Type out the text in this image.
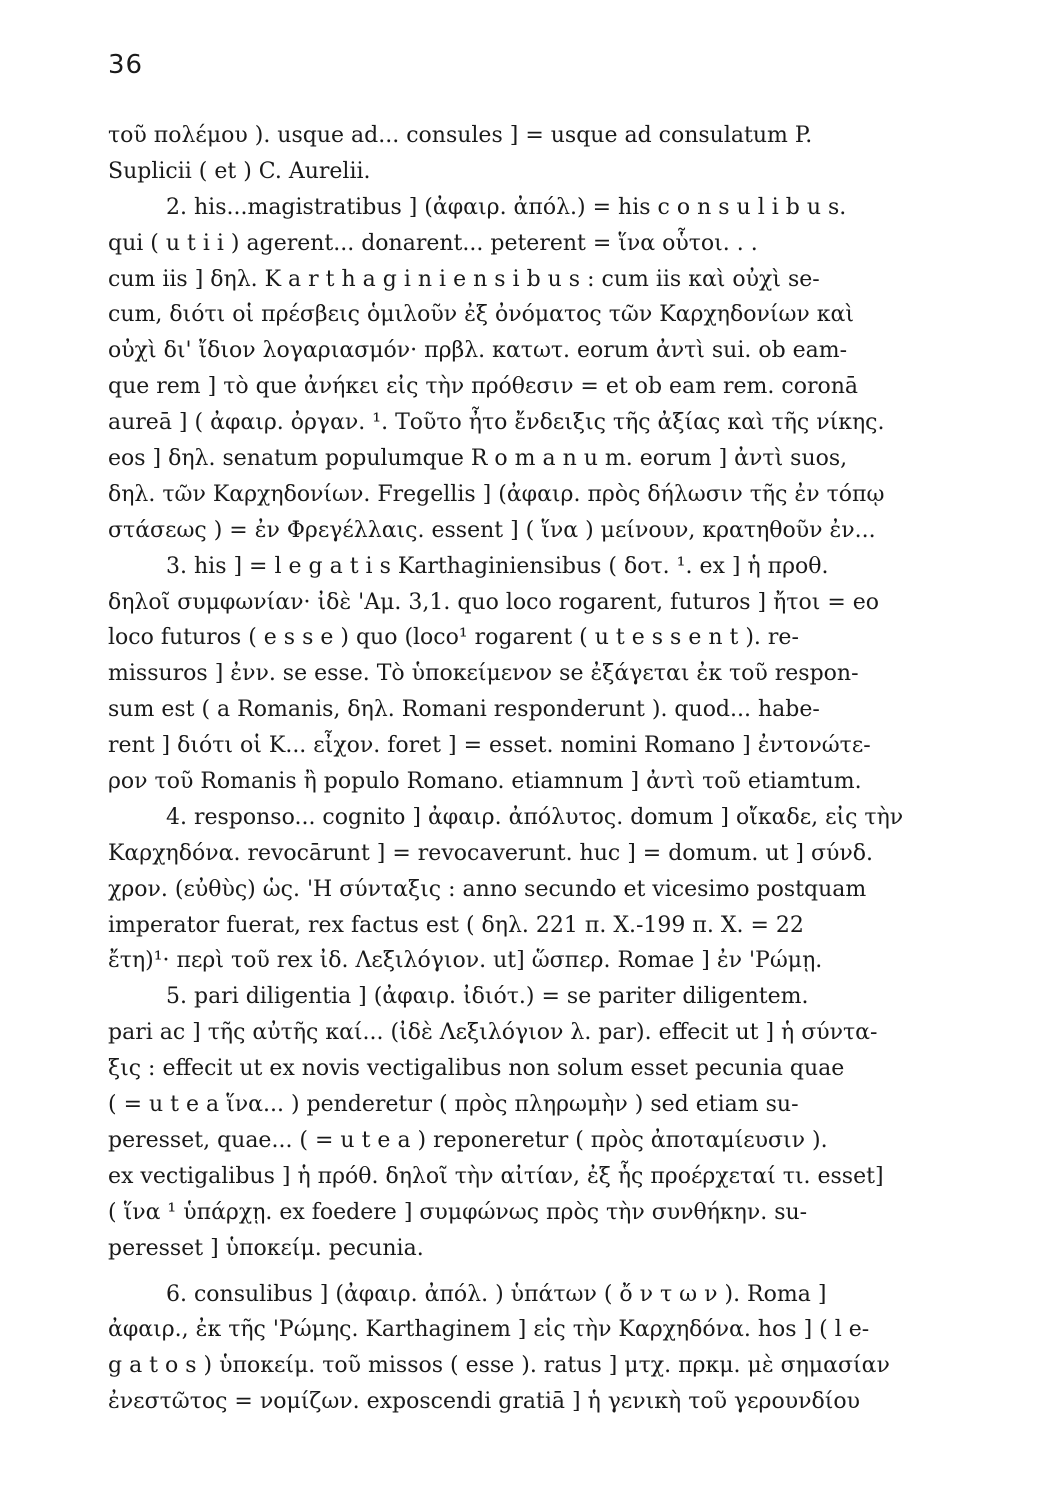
36
τοῦ πολέμου ). usque ad... consules ] = usque ad consulatum P.
Suplicii ( et ) C. Aurelii.
2. his...magistratibus ] (ἀφαιρ. ἀπόλ.) = his c o n s u l i b u s.
qui ( u t i i ) agerent... donarent... peterent = ἵνα οὗτοι. . .
cum iis ] δηλ. K a r t h a g i n i e n s i b u s : cum iis καὶ οὐχὶ se-
cum, διότι οἱ πρέσβεις ὁμιλοῦν ἐξ ὀνόματος τῶν Καρχηδονίων καὶ
οὐχὶ δι' ἴδιον λογαριασμόν· πρβλ. κατωτ. eorum ἀντὶ sui. ob eam-
que rem ] τὸ que ἀνήκει εἰς τὴν πρόθεσιν = et ob eam rem. coronā
aureā ] ( ἀφαιρ. ὀργαν. ¹. Τοῦτο ἦτο ἔνδειξις τῆς ἀξίας καὶ τῆς νίκης.
eos ] δηλ. senatum populumque R o m a n u m. eorum ] ἀντὶ suos,
δηλ. τῶν Καρχηδονίων. Fregellis ] (ἀφαιρ. πρὸς δήλωσιν τῆς ἐν τόπῳ
στάσεως ) = ἐν Φρεγέλλαις. essent ] ( ἵνα ) μείνουν, κρατηθοῦν ἐν...
3. his ] = l e g a t i s Karthaginiensibus ( δοτ. ¹. ex ] ἡ προθ.
δηλοῖ συμφωνίαν· ἰδὲ 'Αμ. 3,1. quo loco rogarent, futuros ] ἤτοι = eo
loco futuros ( e s s e ) quo (loco¹ rogarent ( u t e s s e n t ). re-
missuros ] ἐνν. se esse. Τὸ ὑποκείμενον se ἐξάγεται ἐκ τοῦ respon-
sum est ( a Romanis, δηλ. Romani responderunt ). quod... habe-
rent ] διότι οἱ K... εἶχον. foret ] = esset. nomini Romano ] ἐντονώτε-
ρον τοῦ Romanis ἢ populo Romano. etiamnum ] ἀντὶ τοῦ etiamtum.
4. responso... cognito ] ἀφαιρ. ἀπόλυτος. domum ] οἴκαδε, εἰς τὴν
Καρχηδόνα. revocārunt ] = revocaverunt. huc ] = domum. ut ] σύνδ.
χρον. (εὐθὺς) ὡς. 'Η σύνταξις : anno secundo et vicesimo postquam
imperator fuerat, rex factus est ( δηλ. 221 π. X.-199 π. X. = 22
ἔτη)¹· περὶ τοῦ rex ἰδ. Λεξιλόγιον. ut] ὥσπερ. Romae ] ἐν 'Ρώμῃ.
5. pari diligentia ] (ἀφαιρ. ἰδιότ.) = se pariter diligentem.
pari ac ] τῆς αὐτῆς καί... (ἰδὲ Λεξιλόγιον λ. par). effecit ut ] ἡ σύντα-
ξις : effecit ut ex novis vectigalibus non solum esset pecunia quae
( = u t e a ἵνα... ) penderetur ( πρὸς πληρωμὴν ) sed etiam su-
peresset, quae... ( = u t e a ) reponeretur ( πρὸς ἀποταμίευσιν ).
ex vectigalibus ] ἡ πρόθ. δηλοῖ τὴν αἰτίαν, ἐξ ἧς προέρχεταί τι. esset]
( ἵνα ¹ ὑπάρχῃ. ex foedere ] συμφώνως πρὸς τὴν συνθήκην. su-
peresset ] ὑποκείμ. pecunia.
6. consulibus ] (ἀφαιρ. ἀπόλ. ) ὑπάτων ( ὄ ν τ ω ν ). Roma ]
ἀφαιρ., ἐκ τῆς 'Ρώμης. Karthaginem ] εἰς τὴν Καρχηδόνα. hos ] ( l e-
g a t o s ) ὑποκείμ. τοῦ missos ( esse ). ratus ] μτχ. πρκμ. μὲ σημασίαν
ἐνεστῶτος = νομίζων. exposcendi gratiā ] ἡ γενικὴ τοῦ γερουνδίου
